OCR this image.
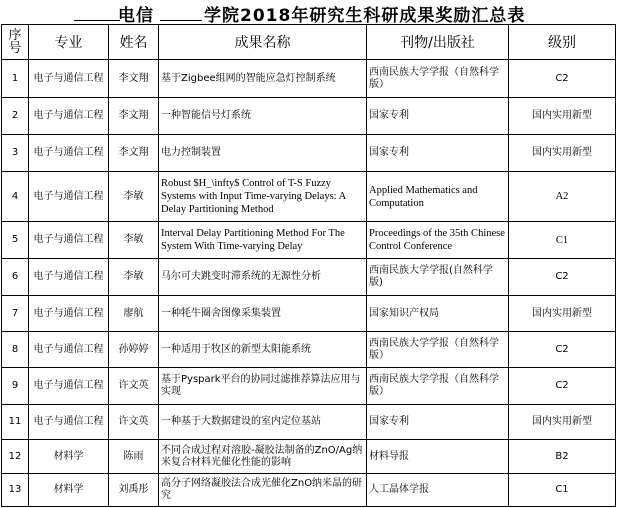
电信	学院2018年研究生科研成果奖励汇总表
序号	专业	姓名	成果名称	刊物/出版社	级别
1	电子与通信工程	李文翔	基于Zigbee组网的智能应急灯控制系统	西南民族大学学报（自然科学版）	C2
2	电子与通信工程	李文翔	一种智能信号灯系统	国家专利	国内实用新型
3	电子与通信工程	李文翔	电力控制装置	国家专利	国内实用新型
4	电子与通信工程	李敏	Robust $H_\infty$ Control of T-S Fuzzy Systems with Input Time-varying Delays: A Delay Partitioning Method	Applied Mathematics and Computation	A2
5	电子与通信工程	李敏	Interval Delay Partitioning Method For The System With Time-varying Delay	Proceedings of the 35th Chinese Control Conference	C1
6	电子与通信工程	李敏	马尔可夫跳变时滞系统的无源性分析	西南民族大学学报(自然科学版)	C2
7	电子与通信工程	廖航	一种牦牛圈舍图像采集装置	国家知识产权局	国内实用新型
8	电子与通信工程	孙婷婷	一种适用于牧区的新型太阳能系统	西南民族大学学报（自然科学版）	C2
9	电子与通信工程	许文英	基于Pyspark平台的协同过滤推荐算法应用与实现	西南民族大学学报（自然科学版）	C2
11	电子与通信工程	许文英	一种基于大数据建设的室内定位基站	国家专利	国内实用新型
12	材料学	陈雨	不同合成过程对溶胶-凝胶法制备的ZnO/Ag纳米复合材料光催化性能的影响	材料导报	B2
13	材料学	刘禹彤	高分子网络凝胶法合成光催化ZnO纳米晶的研究	人工晶体学报	C1
